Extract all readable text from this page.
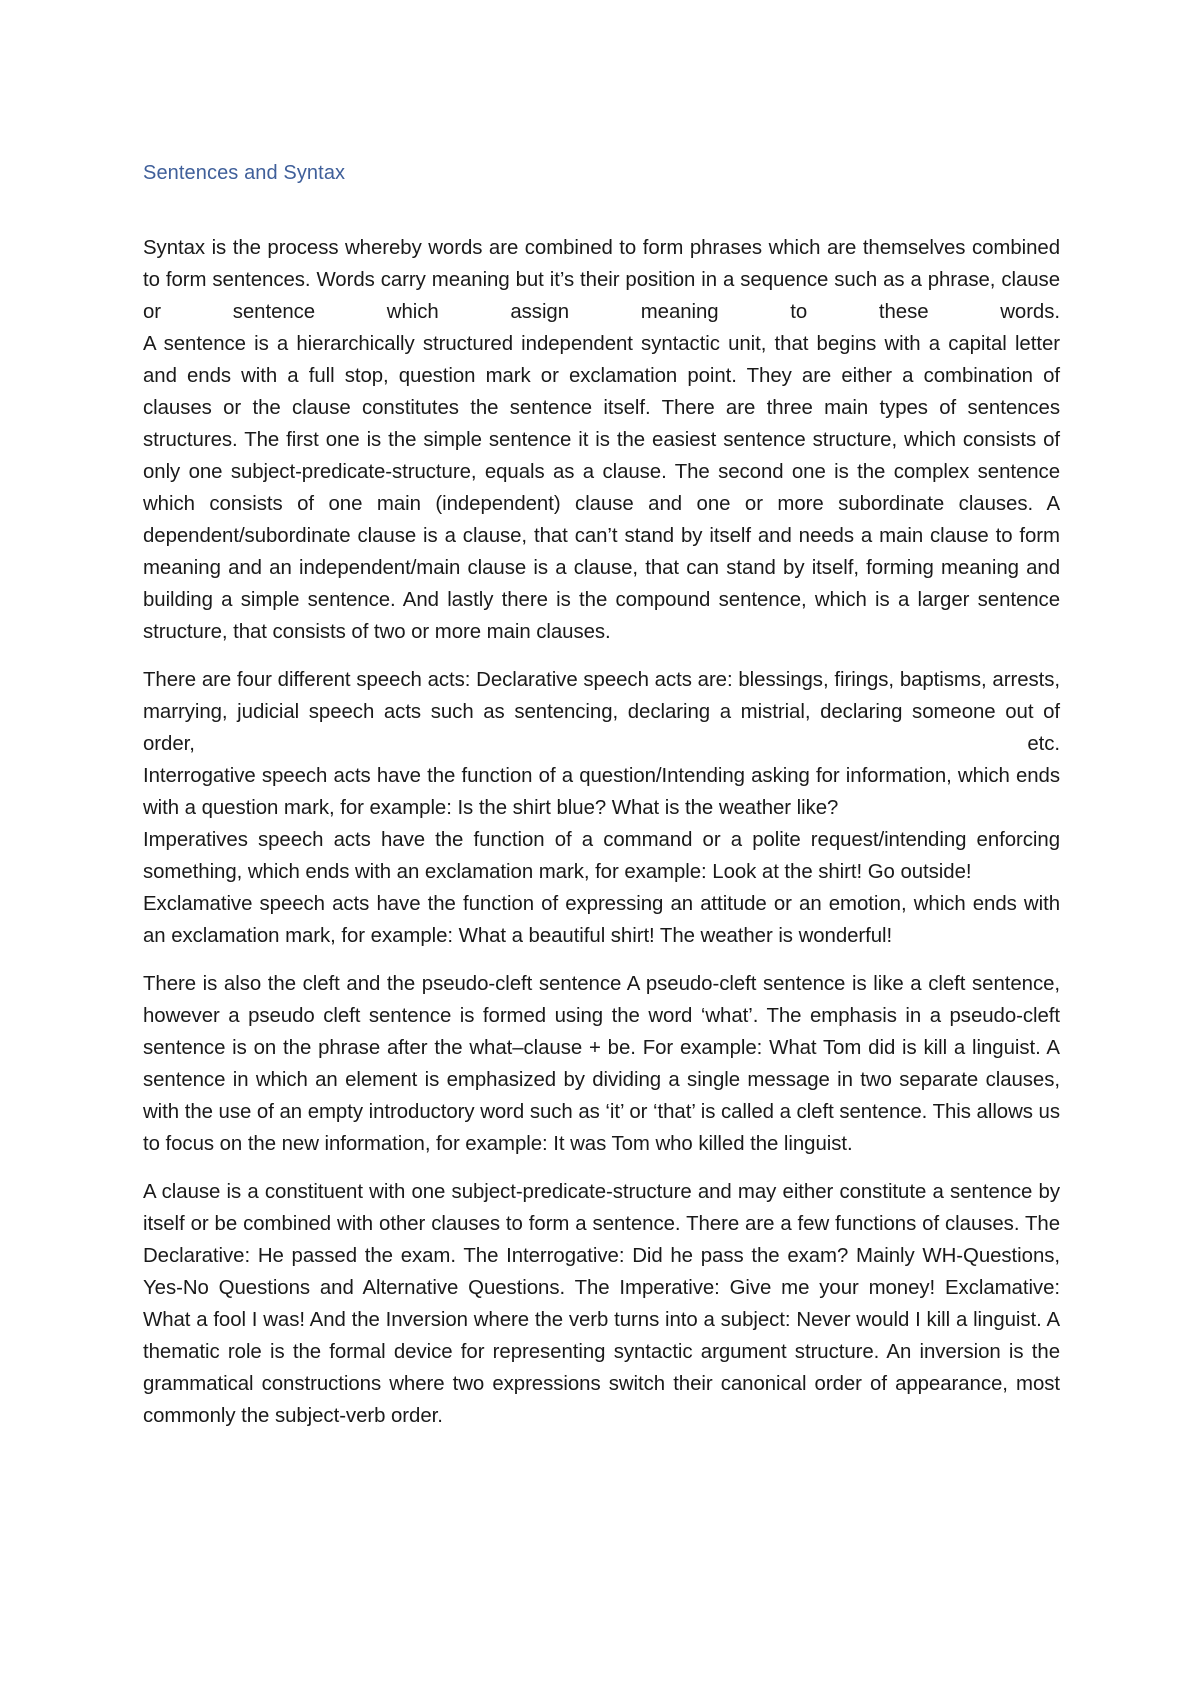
Sentences and Syntax
Syntax is the process whereby words are combined to form phrases which are themselves combined to form sentences. Words carry meaning but it’s their position in a sequence such as a phrase, clause or sentence which assign meaning to these words.
A sentence is a hierarchically structured independent syntactic unit, that begins with a capital letter and ends with a full stop, question mark or exclamation point. They are either a combination of clauses or the clause constitutes the sentence itself. There are three main types of sentences structures. The first one is the simple sentence it is the easiest sentence structure, which consists of only one subject-predicate-structure, equals as a clause. The second one is the complex sentence which consists of one main (independent) clause and one or more subordinate clauses. A dependent/subordinate clause is a clause, that can’t stand by itself and needs a main clause to form meaning and an independent/main clause is a clause, that can stand by itself, forming meaning and building a simple sentence. And lastly there is the compound sentence, which is a larger sentence structure, that consists of two or more main clauses.
There are four different speech acts: Declarative speech acts are: blessings, firings, baptisms, arrests, marrying, judicial speech acts such as sentencing, declaring a mistrial, declaring someone out of order, etc.
Interrogative speech acts have the function of a question/Intending asking for information, which ends with a question mark, for example: Is the shirt blue? What is the weather like?
Imperatives speech acts have the function of a command or a polite request/intending enforcing something, which ends with an exclamation mark, for example: Look at the shirt! Go outside!
Exclamative speech acts have the function of expressing an attitude or an emotion, which ends with an exclamation mark, for example: What a beautiful shirt! The weather is wonderful!
There is also the cleft and the pseudo-cleft sentence A pseudo-cleft sentence is like a cleft sentence, however a pseudo cleft sentence is formed using the word ‘what’. The emphasis in a pseudo-cleft sentence is on the phrase after the what–clause + be. For example: What Tom did is kill a linguist. A sentence in which an element is emphasized by dividing a single message in two separate clauses, with the use of an empty introductory word such as ‘it’ or ‘that’ is called a cleft sentence. This allows us to focus on the new information, for example: It was Tom who killed the linguist.
A clause is a constituent with one subject-predicate-structure and may either constitute a sentence by itself or be combined with other clauses to form a sentence. There are a few functions of clauses. The Declarative: He passed the exam. The Interrogative: Did he pass the exam? Mainly WH-Questions, Yes-No Questions and Alternative Questions. The Imperative: Give me your money! Exclamative: What a fool I was! And the Inversion where the verb turns into a subject: Never would I kill a linguist. A thematic role is the formal device for representing syntactic argument structure. An inversion is the grammatical constructions where two expressions switch their canonical order of appearance, most commonly the subject-verb order.
